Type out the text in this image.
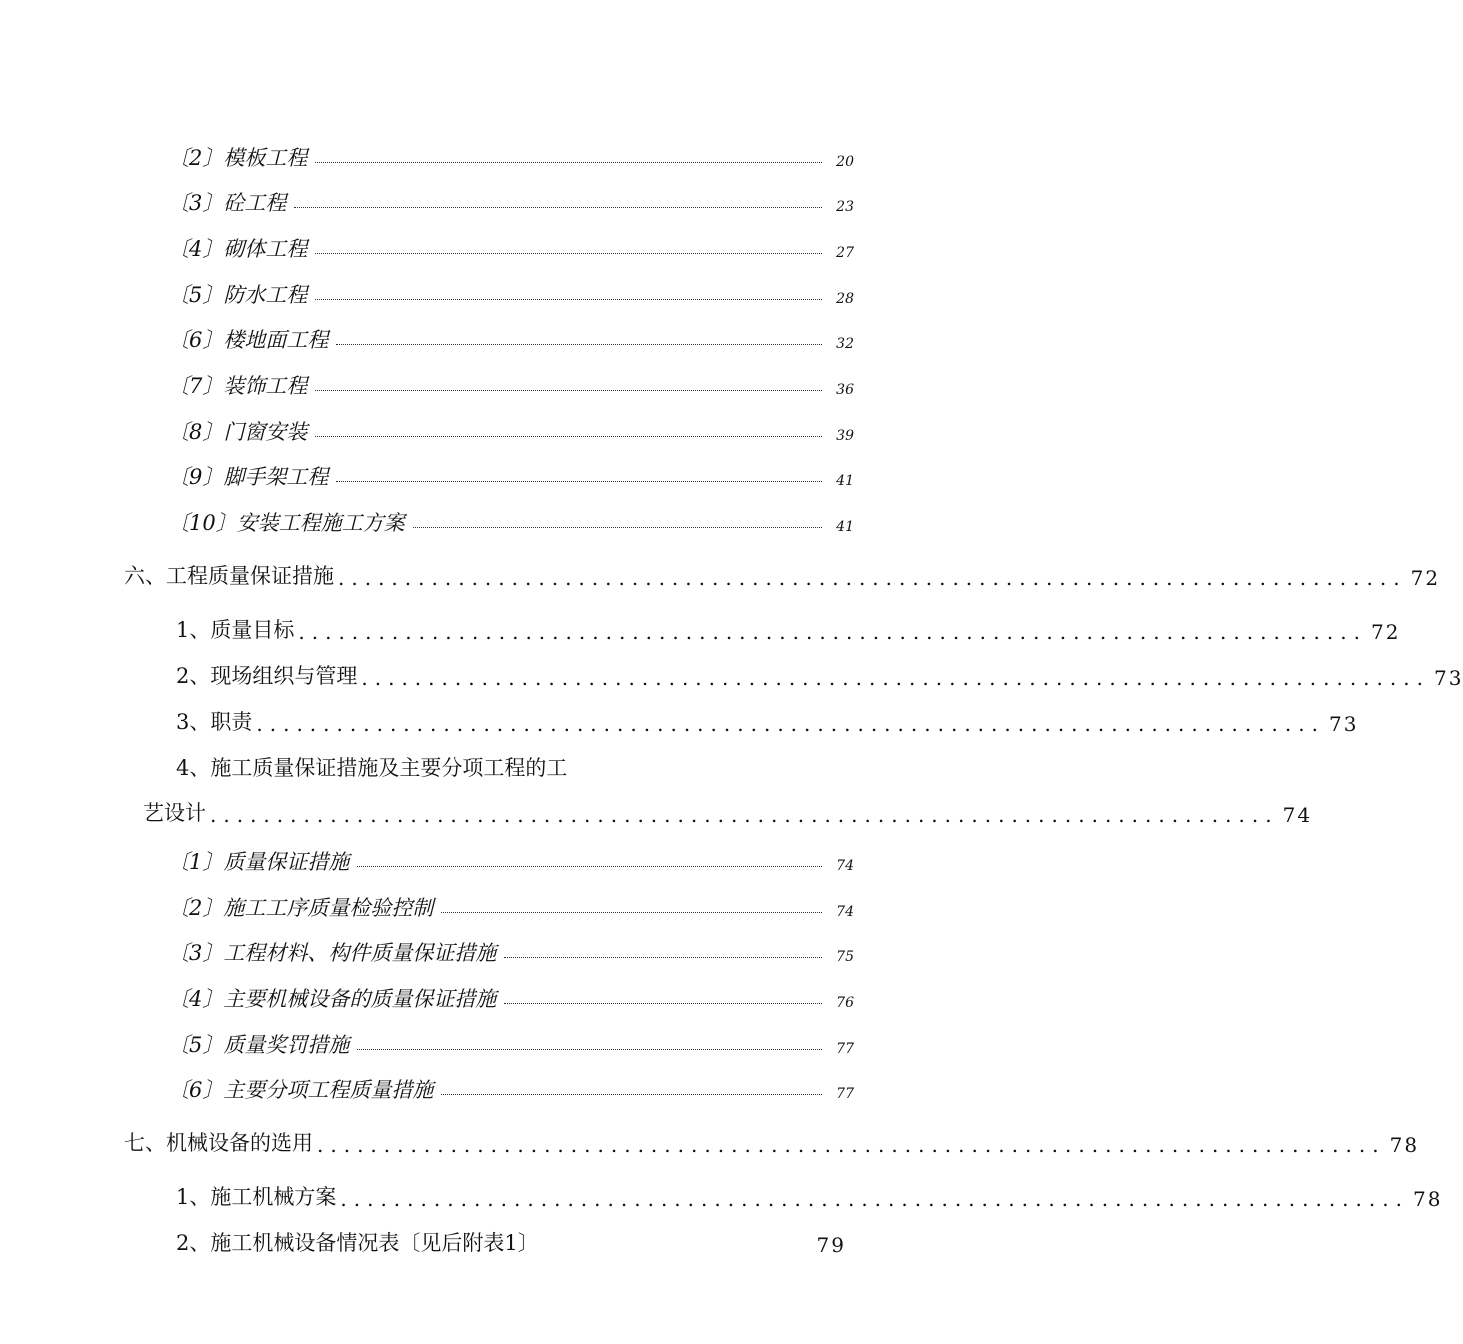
〔2〕模板工程	20
〔3〕砼工程	23
〔4〕砌体工程	27
〔5〕防水工程	28
〔6〕楼地面工程	32
〔7〕装饰工程	36
〔8〕门窗安装	39
〔9〕脚手架工程	41
〔10〕安装工程施工方案	41
六、工程质量保证措施 ................................................................................ 72
1、质量目标 ................................................................................ 72
2、现场组织与管理 ................................................................................ 73
3、职责 ................................................................................ 73
4、施工质量保证措施及主要分项工程的工
艺设计 ................................................................................ 74
〔1〕质量保证措施	74
〔2〕施工工序质量检验控制	74
〔3〕工程材料、构件质量保证措施	75
〔4〕主要机械设备的质量保证措施	76
〔5〕质量奖罚措施	77
〔6〕主要分项工程质量措施	77
七、机械设备的选用 ................................................................................ 78
1、施工机械方案 ................................................................................ 78
2、施工机械设备情况表〔见后附表1〕	79
